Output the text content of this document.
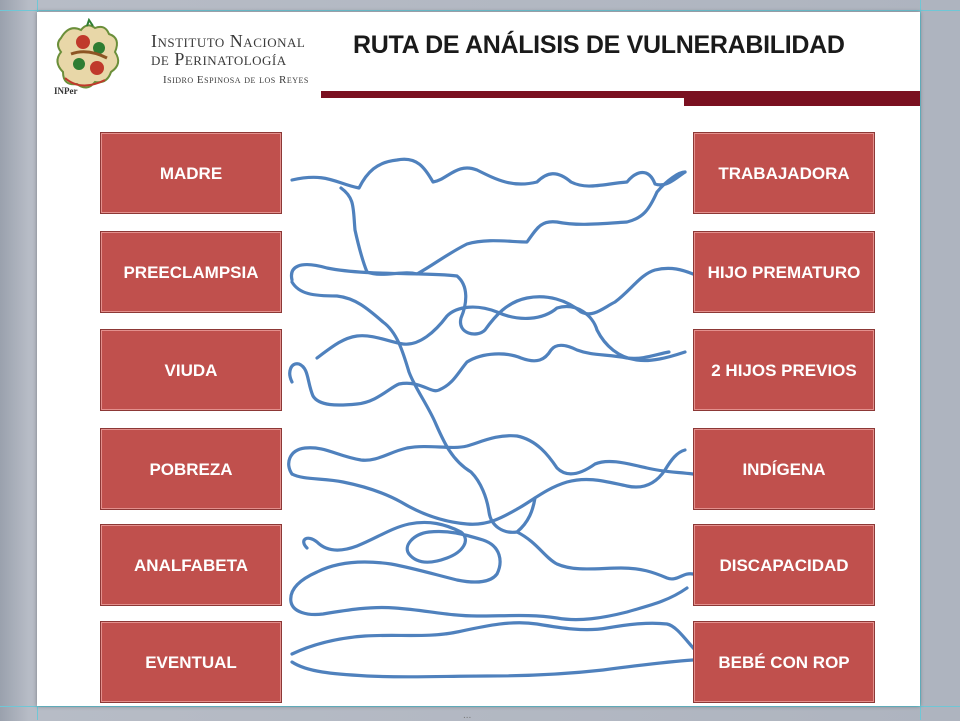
INPer
Instituto Nacional de Perinatología
Isidro Espinosa de los Reyes
RUTA DE ANÁLISIS DE VULNERABILIDAD
MADRE
PREECLAMPSIA
VIUDA
POBREZA
ANALFABETA
EVENTUAL
TRABAJADORA
HIJO PREMATURO
2 HIJOS PREVIOS
INDÍGENA
DISCAPACIDAD
BEBÉ CON ROP
...
